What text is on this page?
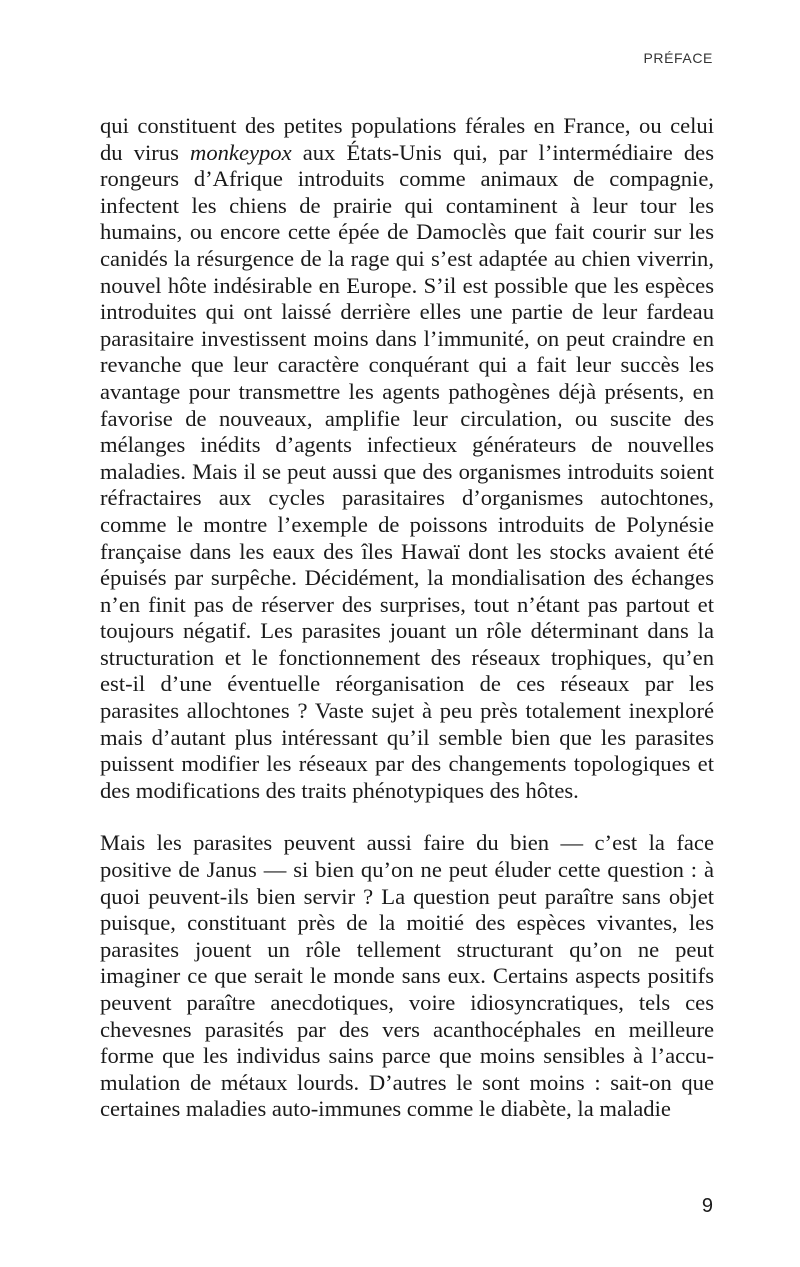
PRÉFACE

qui constituent des petites populations férales en France, ou celui du virus monkeypox aux États-Unis qui, par l’intermédiaire des rongeurs d’Afrique introduits comme animaux de compagnie, infectent les chiens de prairie qui contaminent à leur tour les humains, ou encore cette épée de Damoclès que fait courir sur les canidés la résurgence de la rage qui s’est adaptée au chien viverrin, nouvel hôte indésirable en Europe. S’il est possible que les espèces introduites qui ont laissé derrière elles une partie de leur fardeau parasitaire investissent moins dans l’immunité, on peut craindre en revanche que leur caractère conquérant qui a fait leur succès les avantage pour transmettre les agents pathogènes déjà présents, en favorise de nouveaux, amplifie leur circulation, ou suscite des mélanges inédits d’agents infectieux générateurs de nouvelles maladies. Mais il se peut aussi que des organismes introduits soient réfractaires aux cycles parasitaires d’organismes autochtones, comme le montre l’exemple de poissons introduits de Polynésie française dans les eaux des îles Hawaï dont les stocks avaient été épuisés par surpêche. Décidément, la mondialisation des échanges n’en finit pas de réserver des surprises, tout n’étant pas partout et toujours négatif. Les parasites jouant un rôle déterminant dans la structuration et le fonctionnement des réseaux trophiques, qu’en est-il d’une éventuelle réorganisation de ces réseaux par les parasites allochtones ? Vaste sujet à peu près totalement inexploré mais d’autant plus intéressant qu’il semble bien que les parasites puissent modifier les réseaux par des changements topologiques et des modifications des traits phénotypiques des hôtes.

Mais les parasites peuvent aussi faire du bien — c’est la face positive de Janus — si bien qu’on ne peut éluder cette question : à quoi peuvent-ils bien servir ? La question peut paraître sans objet puisque, constituant près de la moitié des espèces vivantes, les parasites jouent un rôle tellement structurant qu’on ne peut imaginer ce que serait le monde sans eux. Certains aspects positifs peuvent paraître anecdotiques, voire idiosyncratiques, tels ces chevesnes parasités par des vers acanthocéphales en meilleure forme que les individus sains parce que moins sensibles à l’accumulation de métaux lourds. D’autres le sont moins : sait-on que certaines maladies auto-immunes comme le diabète, la maladie

9
